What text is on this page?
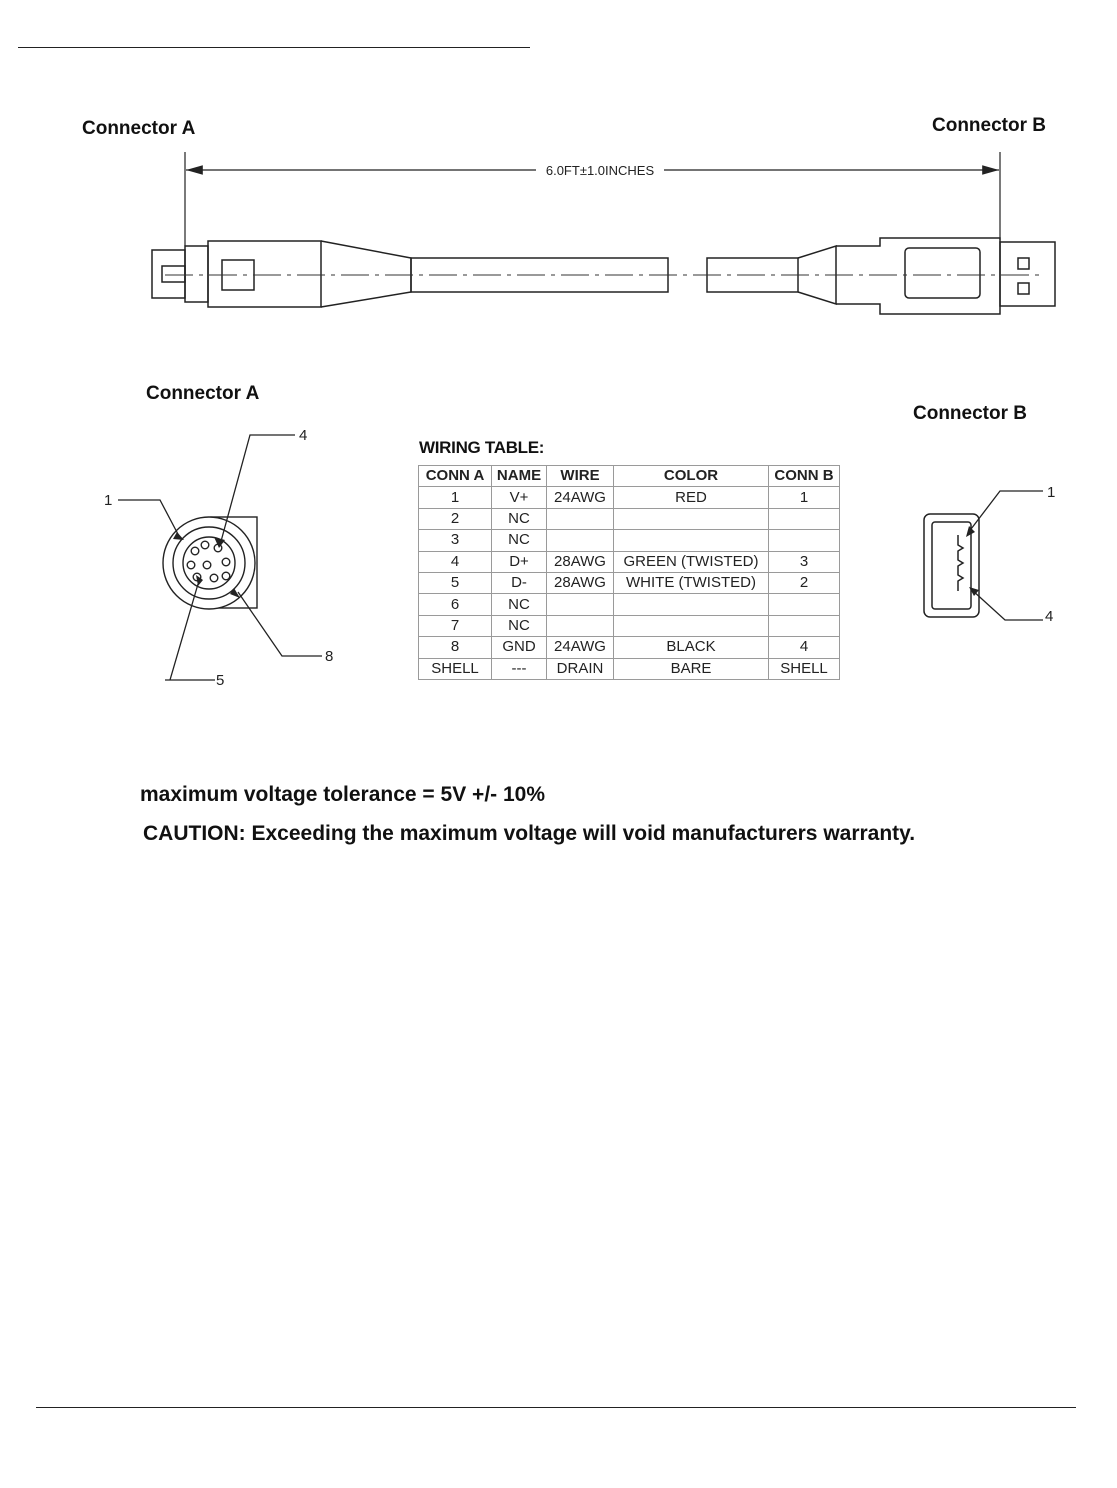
Connector A	Connector B
6.0FT±1.0INCHES
1
4
5
8
1
4
Connector A
Connector B
WIRING TABLE:
CONN A	NAME	WIRE	COLOR	CONN B
1	V+	24AWG	RED	1
2	NC			
3	NC			
4	D+	28AWG	GREEN (TWISTED)	3
5	D-	28AWG	WHITE (TWISTED)	2
6	NC			
7	NC			
8	GND	24AWG	BLACK	4
SHELL	---	DRAIN	BARE	SHELL
maximum voltage tolerance = 5V +/- 10%
CAUTION: Exceeding the maximum voltage will void manufacturers warranty.
